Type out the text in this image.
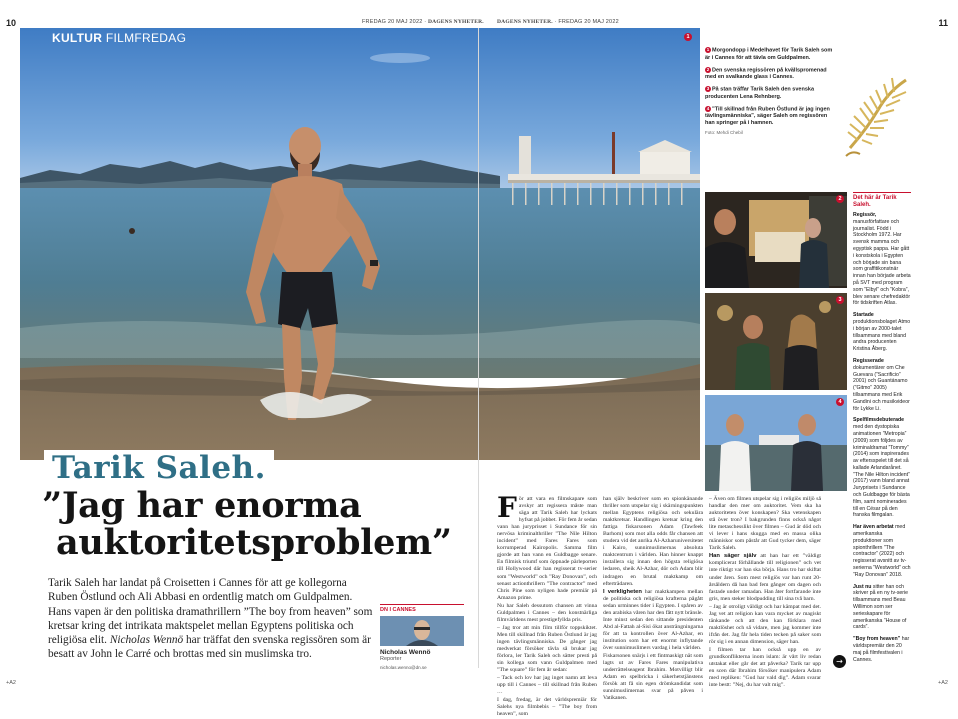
10	11
FREDAG 20 MAJ 2022 · DAGENS NYHETER. DAGENS NYHETER. · FREDAG 20 MAJ 2022
KULTUR FILMFREDAG	1
Tarik Saleh.
”Jag har enorma
auktoritetsproblem”

Tarik Saleh har landat på Croisetten i Cannes för att ge kollegorna Ruben Östlund och Ali Abbasi en ordentlig match om Guldpalmen. Hans vapen är den politiska dramathrillern ”The boy from heaven” som kretsar kring det intrikata maktspelet mellan Egyptens politiska och religiösa elit. Nicholas Wennö har träffat den svenska regissören som är besatt av John le Carré och brottas med sin muslimska tro.

DN I CANNES
Nicholas Wennö
Reporter
nicholas.wenno@dn.se

För att vara en filmskapare som avskyr att regissera måste man säga att Tarik Saleh har lyckats hyfsat på jobbet. För fem år sedan vann han juryprisset i Sundance för sin nervösa kriminalthriller ”The Nile Hilton incident” med Fares Fares som korrumperad Kairopolis. Samma film gjorde att han vann en Guldbagge senare. En filmisk triumf som öppnade pärleporten till Hollywood där han regisserat tv-serier som ”Westworld” och ”Ray Donovan”, och senast actionthrillern ”The contractor” med Chris Pine som nyligen hade premiär på Amazon prime.

Nu har Saleh dessutom chansen att vinna Guldpalmen i Cannes – den konstnärliga filmvärldens mest prestigefyllda pris.

– Jag tror att min film tillför toppskiktet. Men till skillnad från Ruben Östlund är jag ingen tävlingsmänniska. De gånger jag medverkat försöker tävla så brukar jag förlora, ler Tarik Saleh och sätter presti på sin kollega som vann Guldpalmen med ”The square” för fem år sedan:

– Tack och lov har jag inget namn att leva upp till i Cannes – till skillnad från Ruben …

I dag, fredag, är det världspremiär för Salehs nya filmbebis – ”The boy from heaven”, som

han själv beskriver som en spionkänande thriller som utspelar sig i skärningspunkten mellan Egyptens religiösa och sekulära maktkretsar. Handlingen kretsar kring den fattiga fiskarsonen Adam (Tawfeek Barhom) som mot alla odds får chansen att studera vid det anrika Al-Azharuniversitetet i Kairo, sunnimuslimernas absoluta maktcentrum i världen. Han hinner knappt installera sig innan den högsta religiösa ledaren, sheik Al-Azhar, dör och Adam blir indragen en brutal maktkamp om efterträdaren.

I verkligheten har maktkampen mellan de politiska och religiösa krafterna pågått sedan urminnes tider i Egypten. I spåren av den arabiska våren har den fått nytt bränsle. Inte minst sedan den sittande presidenten Abd al-Fattah al-Sisi ökat ansträngningarna för att ta kontrollen över Al-Azhar, en institution som har ett enormt inflytande över sunnimuslimers vardag i hela världen.

Fiskarsonen snärjs i ett fintmaskigt nät som lagts ut av Fares Fares manipulativa underrättelseagent Ibrahim. Motvilligt blir Adam en spelbricka i säkerhetstjänstens försök att få sin egen drömkandidat som sunnimuslimernas svar på påven i Vatikanen.

– Även om filmen utspelar sig i religiös miljö så handlar den mer om auktoritet. Vem ska ha auktoriteten över konskapen? Ska vetenskapen stå över tron? I bakgrunden finns också något lite metaschesslikt över filmen – Gud är död och vi lever i hans skugga med en massa olika människor som påstår att Gud tycker dem, säger Tarik Saleh.

Han säger själv att han har ett ”väldigt komplicerat förhållande till religionen” och vet inte riktigt var han ska börja. Hans tro har skiftat under åren. Som mest religiös var han runt 20-årsåldern då han bad fem gånger om dagen och fastade under ramadan. Han åter fortfarande inte gris, men steker blodpudding till sina två barn.

– Jag är otroligt väldigt och har kämpat med det. Jag vet att religion kan vara mycket av magiskt tänkande och att den kan förklara med maktlöshet och så vidare, men jag kommer inte ifrån det. Jag får hela tiden tecken på saker som rör sig i en annan dimension, säger han.

I filmen tar han också upp en av grundkonflikterna inom islam: är vårt liv redan utstakat eller går det att påverka? Tarik tar upp en scen där Ibrahim försöker manipulera Adam med repliken: ”Gud har vald dig”. Adam svarar inte bestt: ”Nej, du har valt mig”.

1 Morgondopp i Medelhavet för Tarik Saleh som är i Cannes för att tävla om Guldpalmen.
2 Den svenska regissören på kvällspromenad med en svalkande glass i Cannes.
3 På stan träffar Tarik Saleh den svenska producenten Lena Rehnberg.
4 ”Till skillnad från Ruben Östlund är jag ingen tävlingsmänniska”, säger Saleh om regissören han springer på i hamnen.
Foto: Mehdi Chebil
2
3
4
Det här är Tarik Saleh.
Regissör, manusförfattare och journalist. Född i Stockholm 1972. Har svensk mamma och egyptisk pappa. Har gått i konstskola i Egypten och började sin bana som graffitikonstnär innan han började arbeta på SVT med program som ”Elbyl” och ”Kobra”, blev senare chefredaktör för tidskriften Atlas.
Startade produktionsbolaget Atmo i början av 2000-talet tillsammans med bland andra producenten Kristina Åberg.
Regisserade dokumentärer om Che Guevara (”Sacrificio” 2001) och Guantánamo (”Gitmo” 2005) tillsammans med Erik Gandini och musikvideor för Lykke Li.
Spelfilmsdebuterade med den dystopiska animationen ”Metropia” (2009) som följdes av kriminaldramat ”Tommy” (2014) som inspirerades av eftersspelet till det så kallade Arlandarånet. ”The Nile Hilton incident” (2017) vann bland annat Juryprisets i Sundance och Guldbagge för bästa film, samt nominerades till en César på den franska filmgalan.
Har även arbetat med amerikanska produktioner som spionthrillern ”The contractor” (2022) och regisserat avsnitt av tv-serierna ”Westworld” och ”Ray Donovan” 2018.
Just nu sitter han och skriver på en ny tv-serie tillsammans med Beau Willimon som ser serieskapare för amerikanska ”House of cards”.
”Boy from heaven” har världspremiär den 20 maj på filmfestivalen i Cannes.
→
+A2	+A2
